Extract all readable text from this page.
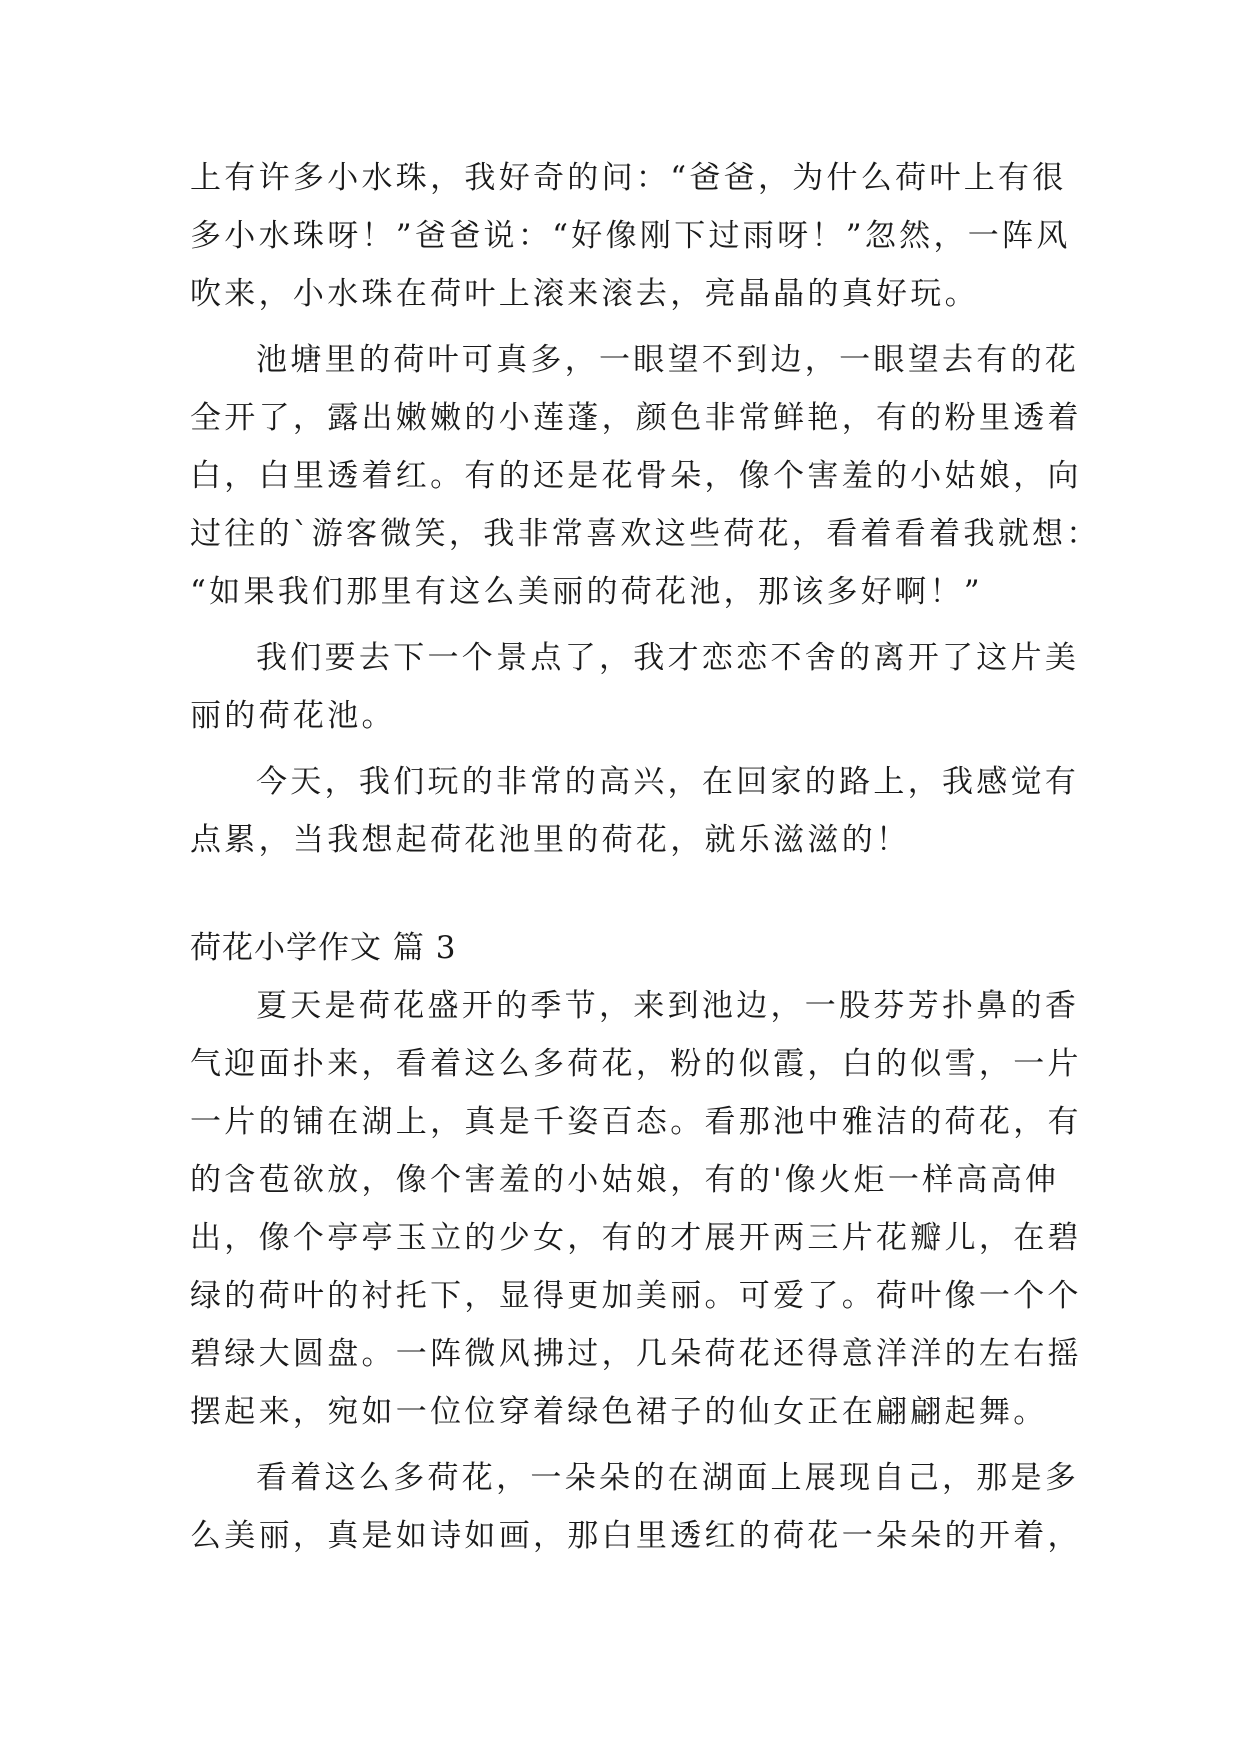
上有许多小水珠，我好奇的问：“爸爸，为什么荷叶上有很
多小水珠呀！”爸爸说：“好像刚下过雨呀！”忽然，一阵风
吹来，小水珠在荷叶上滚来滚去，亮晶晶的真好玩。
池塘里的荷叶可真多，一眼望不到边，一眼望去有的花
全开了，露出嫩嫩的小莲蓬，颜色非常鲜艳，有的粉里透着
白，白里透着红。有的还是花骨朵，像个害羞的小姑娘，向
过往的`游客微笑，我非常喜欢这些荷花，看着看着我就想：
“如果我们那里有这么美丽的荷花池，那该多好啊！”
我们要去下一个景点了，我才恋恋不舍的离开了这片美
丽的荷花池。
今天，我们玩的非常的高兴，在回家的路上，我感觉有
点累，当我想起荷花池里的荷花，就乐滋滋的！
荷花小学作文 篇 3
夏天是荷花盛开的季节，来到池边，一股芬芳扑鼻的香
气迎面扑来，看着这么多荷花，粉的似霞，白的似雪，一片
一片的铺在湖上，真是千姿百态。看那池中雅洁的荷花，有
的含苞欲放，像个害羞的小姑娘，有的'像火炬一样高高伸
出，像个亭亭玉立的少女，有的才展开两三片花瓣儿，在碧
绿的荷叶的衬托下，显得更加美丽。可爱了。荷叶像一个个
碧绿大圆盘。一阵微风拂过，几朵荷花还得意洋洋的左右摇
摆起来，宛如一位位穿着绿色裙子的仙女正在翩翩起舞。
看着这么多荷花，一朵朵的在湖面上展现自己，那是多
么美丽，真是如诗如画，那白里透红的荷花一朵朵的开着，
